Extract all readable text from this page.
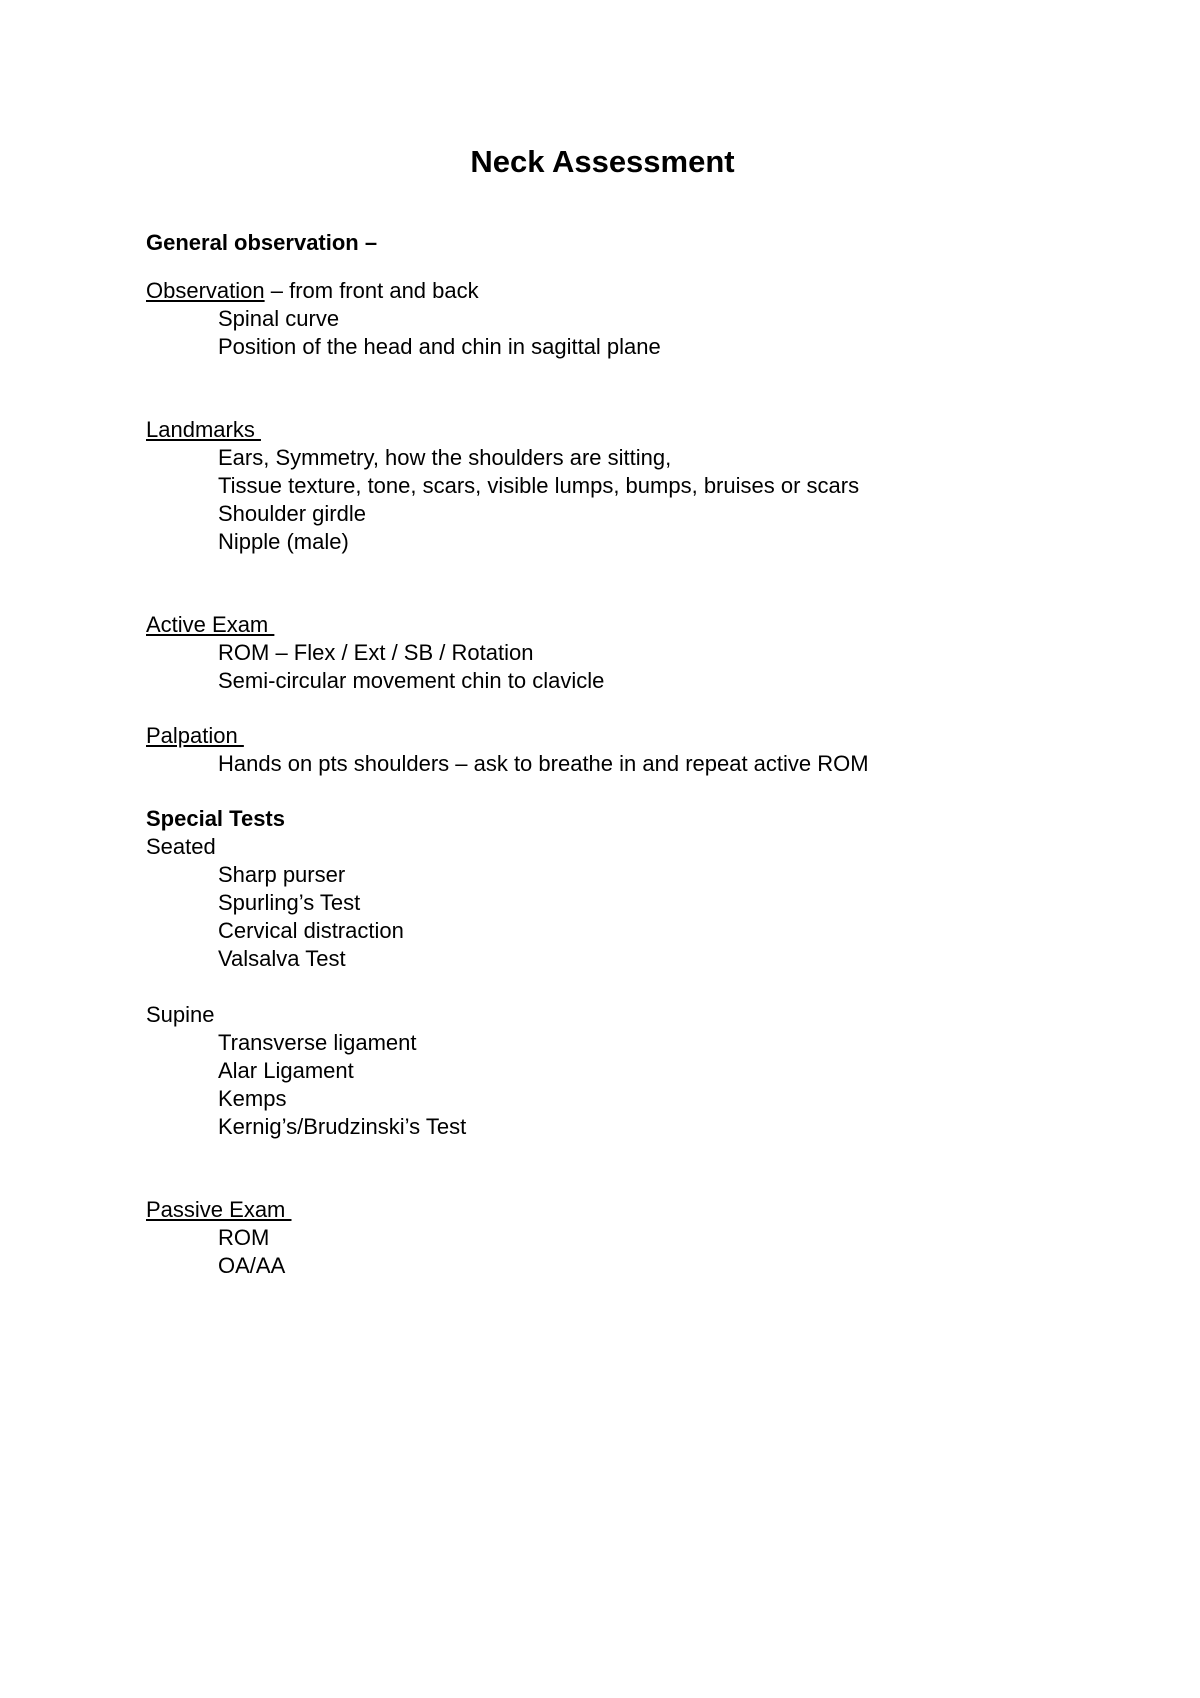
Neck Assessment
General observation –
Observation – from front and back
Spinal curve
Position of the head and chin in sagittal plane
Landmarks
Ears, Symmetry, how the shoulders are sitting,
Tissue texture, tone, scars, visible lumps, bumps, bruises or scars
Shoulder girdle
Nipple (male)
Active Exam
ROM – Flex / Ext / SB / Rotation
Semi-circular movement chin to clavicle
Palpation
Hands on pts shoulders – ask to breathe in and repeat active ROM
Special Tests
Seated
Sharp purser
Spurling’s Test
Cervical distraction
Valsalva Test
Supine
Transverse ligament
Alar Ligament
Kemps
Kernig’s/Brudzinski’s Test
Passive Exam
ROM
OA/AA
